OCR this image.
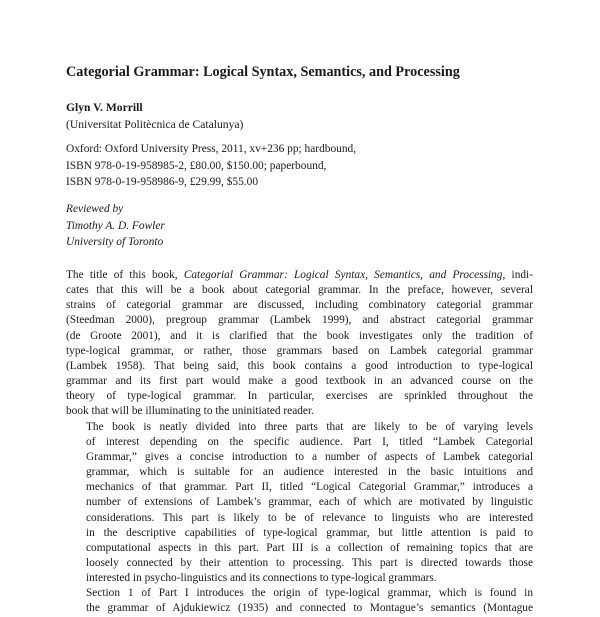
Categorial Grammar: Logical Syntax, Semantics, and Processing
Glyn V. Morrill
(Universitat Politècnica de Catalunya)
Oxford: Oxford University Press, 2011, xv+236 pp; hardbound,
ISBN 978-0-19-958985-2, £80.00, $150.00; paperbound,
ISBN 978-0-19-958986-9, £29.99, $55.00
Reviewed by
Timothy A. D. Fowler
University of Toronto
The title of this book, Categorial Grammar: Logical Syntax, Semantics, and Processing, indi-
cates that this will be a book about categorial grammar. In the preface, however, several
strains of categorial grammar are discussed, including combinatory categorial grammar
(Steedman 2000), pregroup grammar (Lambek 1999), and abstract categorial grammar
(de Groote 2001), and it is clarified that the book investigates only the tradition of
type-logical grammar, or rather, those grammars based on Lambek categorial grammar
(Lambek 1958). That being said, this book contains a good introduction to type-logical
grammar and its first part would make a good textbook in an advanced course on the
theory of type-logical grammar. In particular, exercises are sprinkled throughout the
book that will be illuminating to the uninitiated reader.
The book is neatly divided into three parts that are likely to be of varying levels
of interest depending on the specific audience. Part I, titled “Lambek Categorial
Grammar,” gives a concise introduction to a number of aspects of Lambek categorial
grammar, which is suitable for an audience interested in the basic intuitions and
mechanics of that grammar. Part II, titled “Logical Categorial Grammar,” introduces a
number of extensions of Lambek’s grammar, each of which are motivated by linguistic
considerations. This part is likely to be of relevance to linguists who are interested
in the descriptive capabilities of type-logical grammar, but little attention is paid to
computational aspects in this part. Part III is a collection of remaining topics that are
loosely connected by their attention to processing. This part is directed towards those
interested in psycho-linguistics and its connections to type-logical grammars.
Section 1 of Part I introduces the origin of type-logical grammar, which is found in
the grammar of Ajdukiewicz (1935) and connected to Montague’s semantics (Montague
